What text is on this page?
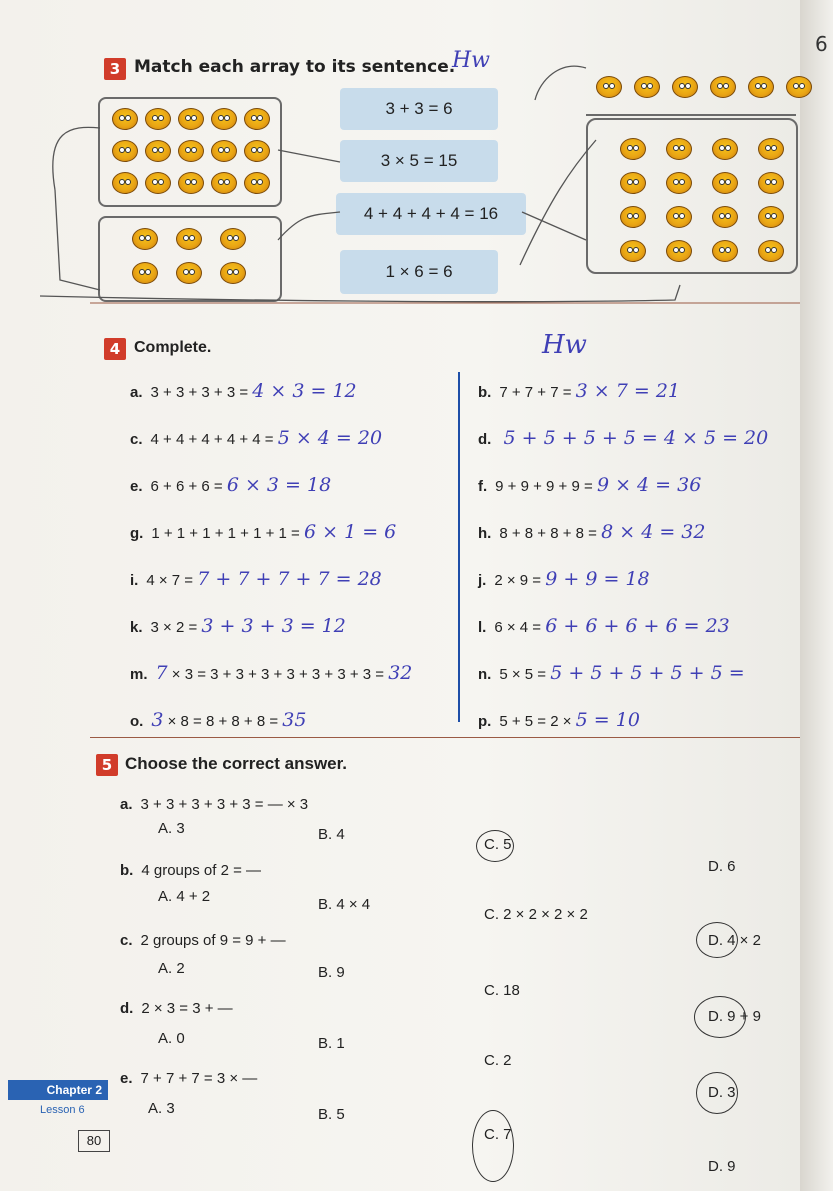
6
3 Match each array to its sentence.
Hw
3 + 3 = 6
3 × 5 = 15
4 + 4 + 4 + 4 = 16
1 × 6 = 6
4 Complete.	Hw
a. 3 + 3 + 3 + 3 = 4 × 3 = 12	b. 7 + 7 + 7 = 3 × 7 = 21
c. 4 + 4 + 4 + 4 + 4 = 5 × 4 = 20	d. 5 + 5 + 5 + 5 = 4 × 5 = 20
e. 6 + 6 + 6 = 6 × 3 = 18	f. 9 + 9 + 9 + 9 = 9 × 4 = 36
g. 1 + 1 + 1 + 1 + 1 + 1 = 6 × 1 = 6	h. 8 + 8 + 8 + 8 = 8 × 4 = 32
i. 4 × 7 = 7 + 7 + 7 + 7 = 28	j. 2 × 9 = 9 + 9 = 18
k. 3 × 2 = 3 + 3 + 3 = 12	l. 6 × 4 = 6 + 6 + 6 + 6 = 23
m. 7 × 3 = 3 + 3 + 3 + 3 + 3 + 3 + 3 = 32	n. 5 × 5 = 5 + 5 + 5 + 5 + 5 =
o. 3 × 8 = 8 + 8 + 8 = 35	p. 5 + 5 = 2 × 5 = 10
5 Choose the correct answer.
a. 3 + 3 + 3 + 3 + 3 = — × 3
A. 3	B. 4
C. 5
D. 6
b. 4 groups of 2 = —
A. 4 + 2	B. 4 × 4
C. 2 × 2 × 2 × 2
D. 4 × 2
c. 2 groups of 9 = 9 + —
A. 2	B. 9
C. 18
D. 9 + 9
d. 2 × 3 = 3 + —
A. 0	B. 1
C. 2
D. 3
e. 7 + 7 + 7 = 3 × —
A. 3	B. 5
C. 7
D. 9
Chapter 2
Lesson 6
80
